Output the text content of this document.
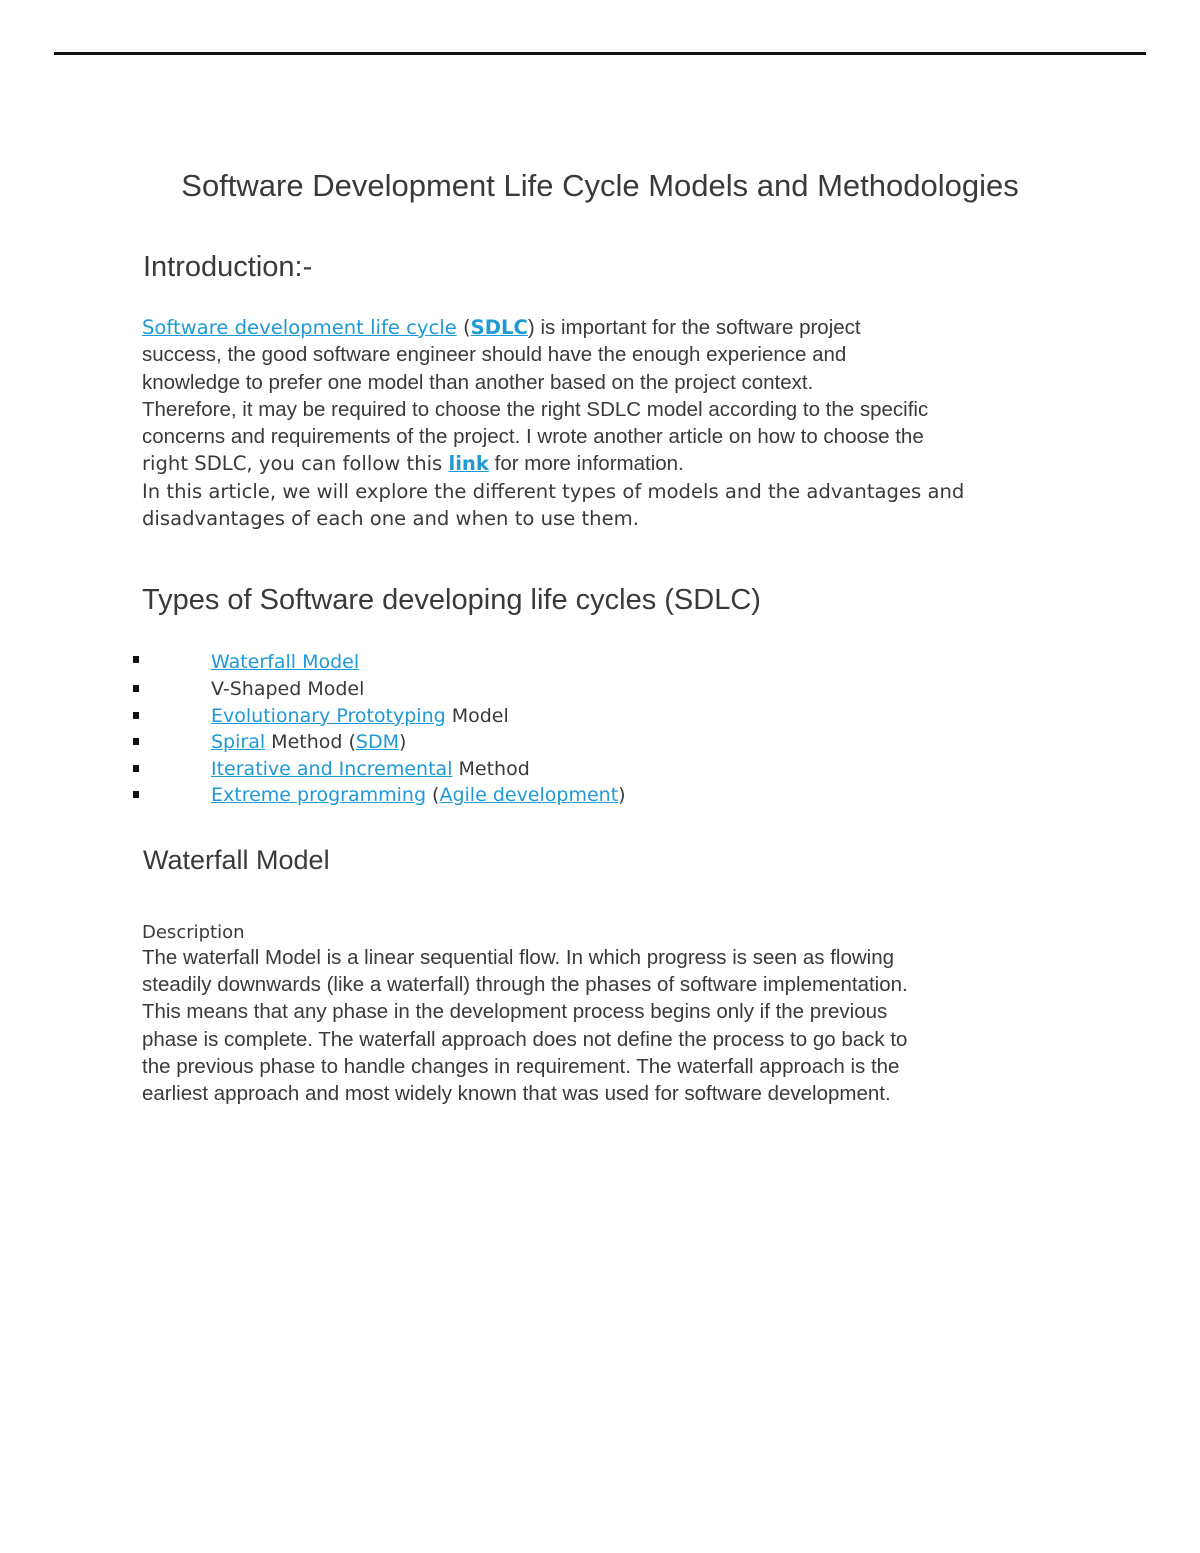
Software Development Life Cycle Models and Methodologies
Introduction:-

Software development life cycle (SDLC) is important for the software project
success, the good software engineer should have the enough experience and
knowledge to prefer one model than another based on the project context.
Therefore, it may be required to choose the right SDLC model according to the specific
concerns and requirements of the project. I wrote another article on how to choose the
right SDLC, you can follow this link for more information.
In this article, we will explore the different types of models and the advantages and
disadvantages of each one and when to use them.

Types of Software developing life cycles (SDLC)
Waterfall Model
V-Shaped Model
Evolutionary Prototyping Model
Spiral Method (SDM)
Iterative and Incremental Method
Extreme programming (Agile development)
Waterfall Model

Description

The waterfall Model is a linear sequential flow. In which progress is seen as flowing
steadily downwards (like a waterfall) through the phases of software implementation.
This means that any phase in the development process begins only if the previous
phase is complete. The waterfall approach does not define the process to go back to
the previous phase to handle changes in requirement. The waterfall approach is the
earliest approach and most widely known that was used for software development.
